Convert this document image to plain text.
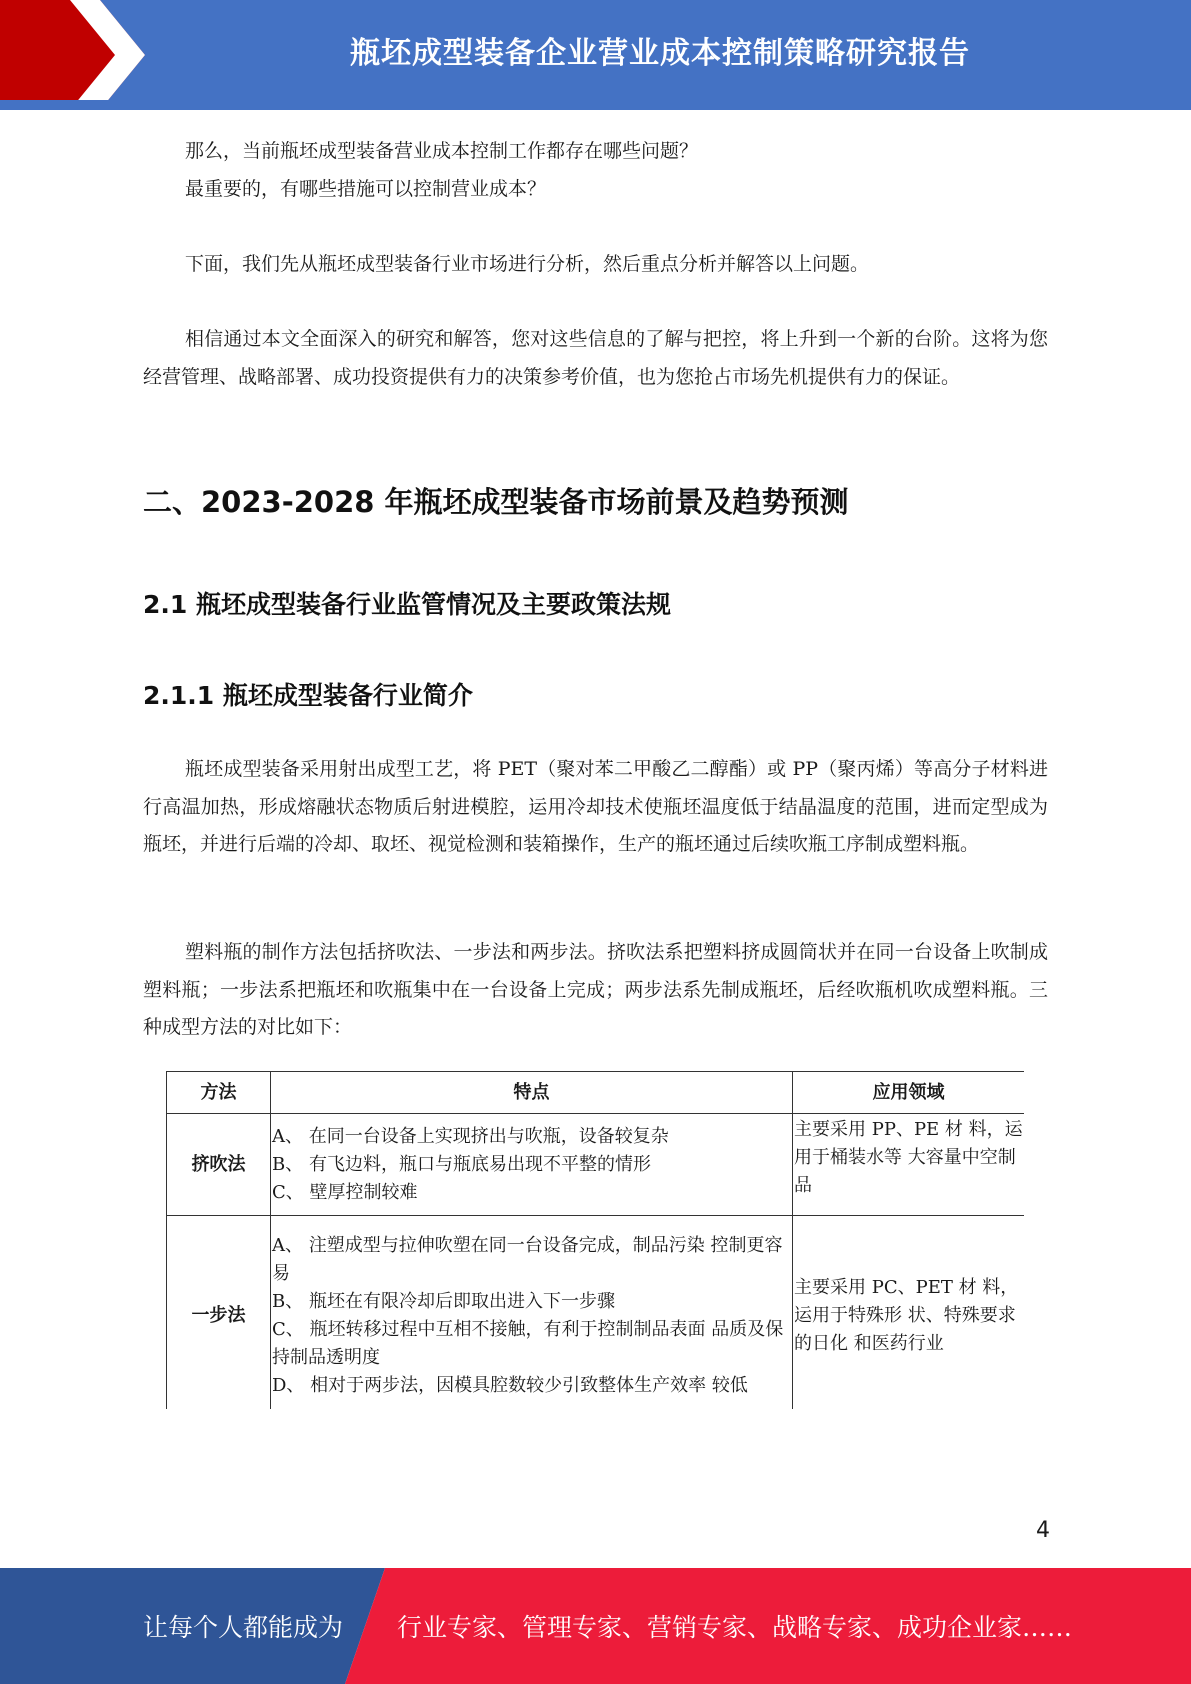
瓶坯成型装备企业营业成本控制策略研究报告
那么，当前瓶坯成型装备营业成本控制工作都存在哪些问题？
最重要的，有哪些措施可以控制营业成本？
下面，我们先从瓶坯成型装备行业市场进行分析，然后重点分析并解答以上问题。
相信通过本文全面深入的研究和解答，您对这些信息的了解与把控，将上升到一个新的台阶。这将为您经营管理、战略部署、成功投资提供有力的决策参考价值，也为您抢占市场先机提供有力的保证。
二、2023-2028 年瓶坯成型装备市场前景及趋势预测
2.1 瓶坯成型装备行业监管情况及主要政策法规
2.1.1 瓶坯成型装备行业简介
瓶坯成型装备采用射出成型工艺，将 PET（聚对苯二甲酸乙二醇酯）或 PP（聚丙烯）等高分子材料进行高温加热，形成熔融状态物质后射进模腔，运用冷却技术使瓶坯温度低于结晶温度的范围，进而定型成为瓶坯，并进行后端的冷却、取坯、视觉检测和装箱操作，生产的瓶坯通过后续吹瓶工序制成塑料瓶。
塑料瓶的制作方法包括挤吹法、一步法和两步法。挤吹法系把塑料挤成圆筒状并在同一台设备上吹制成塑料瓶；一步法系把瓶坯和吹瓶集中在一台设备上完成；两步法系先制成瓶坯，后经吹瓶机吹成塑料瓶。三种成型方法的对比如下：
方法	特点	应用领域
挤吹法	A、 在同一台设备上实现挤出与吹瓶，设备较复杂
B、 有飞边料，瓶口与瓶底易出现不平整的情形
C、 壁厚控制较难	主要采用 PP、PE 材 料，运用于桶装水等 大容量中空制品
一步法	A、 注塑成型与拉伸吹塑在同一台设备完成，制品污染 控制更容易
B、 瓶坯在有限冷却后即取出进入下一步骤
C、 瓶坯转移过程中互相不接触，有利于控制制品表面 品质及保持制品透明度
D、 相对于两步法，因模具腔数较少引致整体生产效率 较低	主要采用 PC、PET 材 料，运用于特殊形 状、特殊要求的日化 和医药行业
4
让每个人都能成为 行业专家、管理专家、营销专家、战略专家、成功企业家……
